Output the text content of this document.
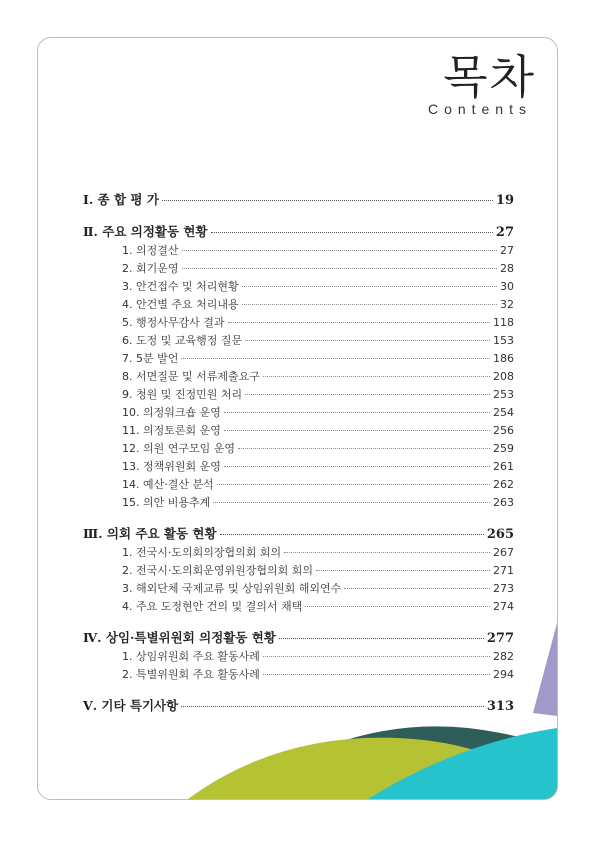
목차
Contents
Ⅰ. 종 합 평 가	19
Ⅱ. 주요 의정활동 현황	27
1. 의정결산	27
2. 회기운영	28
3. 안건접수 및 처리현황	30
4. 안건별 주요 처리내용	32
5. 행정사무감사 결과	118
6. 도정 및 교육행정 질문	153
7. 5분 발언	186
8. 서면질문 및 서류제출요구	208
9. 청원 및 진정민원 처리	253
10. 의정워크숍 운영	254
11. 의정토론회 운영	256
12. 의원 연구모임 운영	259
13. 정책위원회 운영	261
14. 예산·결산 분석	262
15. 의안 비용추계	263
Ⅲ. 의회 주요 활동 현황	265
1. 전국시·도의회의장협의회 회의	267
2. 전국시·도의회운영위원장협의회 회의	271
3. 해외단체 국제교류 및 상임위원회 해외연수	273
4. 주요 도정현안 건의 및 결의서 채택	274
Ⅳ. 상임·특별위원회 의정활동 현황	277
1. 상임위원회 주요 활동사례	282
2. 특별위원회 주요 활동사례	294
Ⅴ. 기타 특기사항	313
